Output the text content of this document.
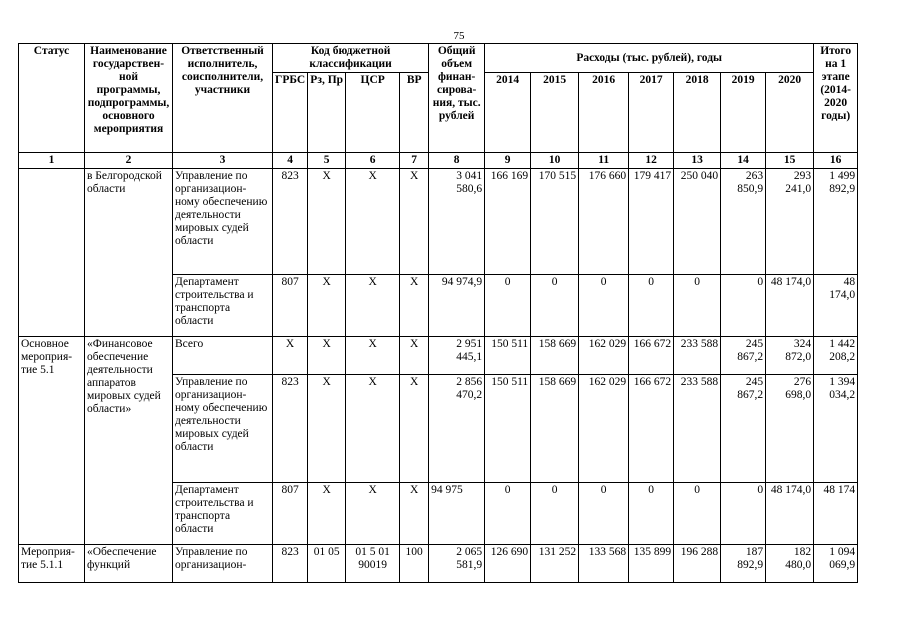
75
Статус	Наименование государствен-ной программы, подпрограммы, основного мероприятия	Ответственный исполнитель, соисполнители, участники	Код бюджетной классификации				Общий объем финан-сирова-ния, тыс. рублей	Расходы (тыс. рублей), годы							Итого на 1 этапе (2014-2020 годы)
			ГРБС	Рз, Пр	ЦСР	ВР		2014	2015	2016	2017	2018	2019	2020	
1	2	3	4	5	6	7	8	9	10	11	12	13	14	15	16
	в Белгородской области	Управление по организацион-ному обеспечению деятельности мировых судей области	823	Х	Х	Х	3 041 580,6	166 169	170 515	176 660	179 417	250 040	263 850,9	293 241,0	1 499 892,9
		Департамент строительства и транспорта области	807	Х	Х	Х	94 974,9	0	0	0	0	0	0	48 174,0	48 174,0
Основное мероприя-тие 5.1	«Финансовое обеспечение деятельности аппаратов мировых судей области»	Всего	Х	Х	Х	Х	2 951 445,1	150 511	158 669	162 029	166 672	233 588	245 867,2	324 872,0	1 442 208,2
		Управление по организацион-ному обеспечению деятельности мировых судей области	823	Х	Х	Х	2 856 470,2	150 511	158 669	162 029	166 672	233 588	245 867,2	276 698,0	1 394 034,2
		Департамент строительства и транспорта области	807	Х	Х	Х	94 975	0	0	0	0	0	0	48 174,0	48 174
Мероприя-тие 5.1.1	«Обеспечение функций	Управление по организацион-	823	01 05	01 5 01 90019	100	2 065 581,9	126 690	131 252	133 568	135 899	196 288	187 892,9	182 480,0	1 094 069,9
